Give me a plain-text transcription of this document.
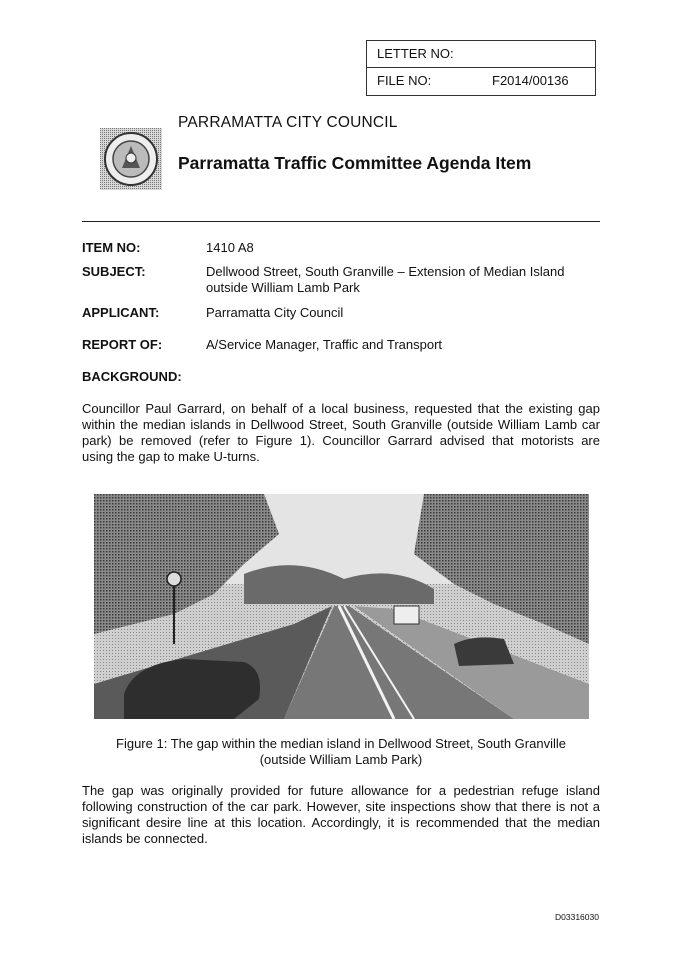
LETTER NO:
FILE NO:	F2014/00136
PARRAMATTA CITY COUNCIL
Parramatta Traffic Committee Agenda Item
ITEM NO:	1410 A8
SUBJECT:	Dellwood Street, South Granville – Extension of Median Island
outside William Lamb Park
APPLICANT:	Parramatta City Council
REPORT OF:	A/Service Manager, Traffic and Transport
BACKGROUND:
Councillor Paul Garrard, on behalf of a local business, requested that the existing gap
within the median islands in Dellwood Street, South Granville (outside William Lamb car
park) be removed (refer to Figure 1). Councillor Garrard advised that motorists are
using the gap to make U-turns.
Figure 1: The gap within the median island in Dellwood Street, South Granville
(outside William Lamb Park)
The gap was originally provided for future allowance for a pedestrian refuge island
following construction of the car park. However, site inspections show that there is not a
significant desire line at this location. Accordingly, it is recommended that the median
islands be connected.
D03316030
